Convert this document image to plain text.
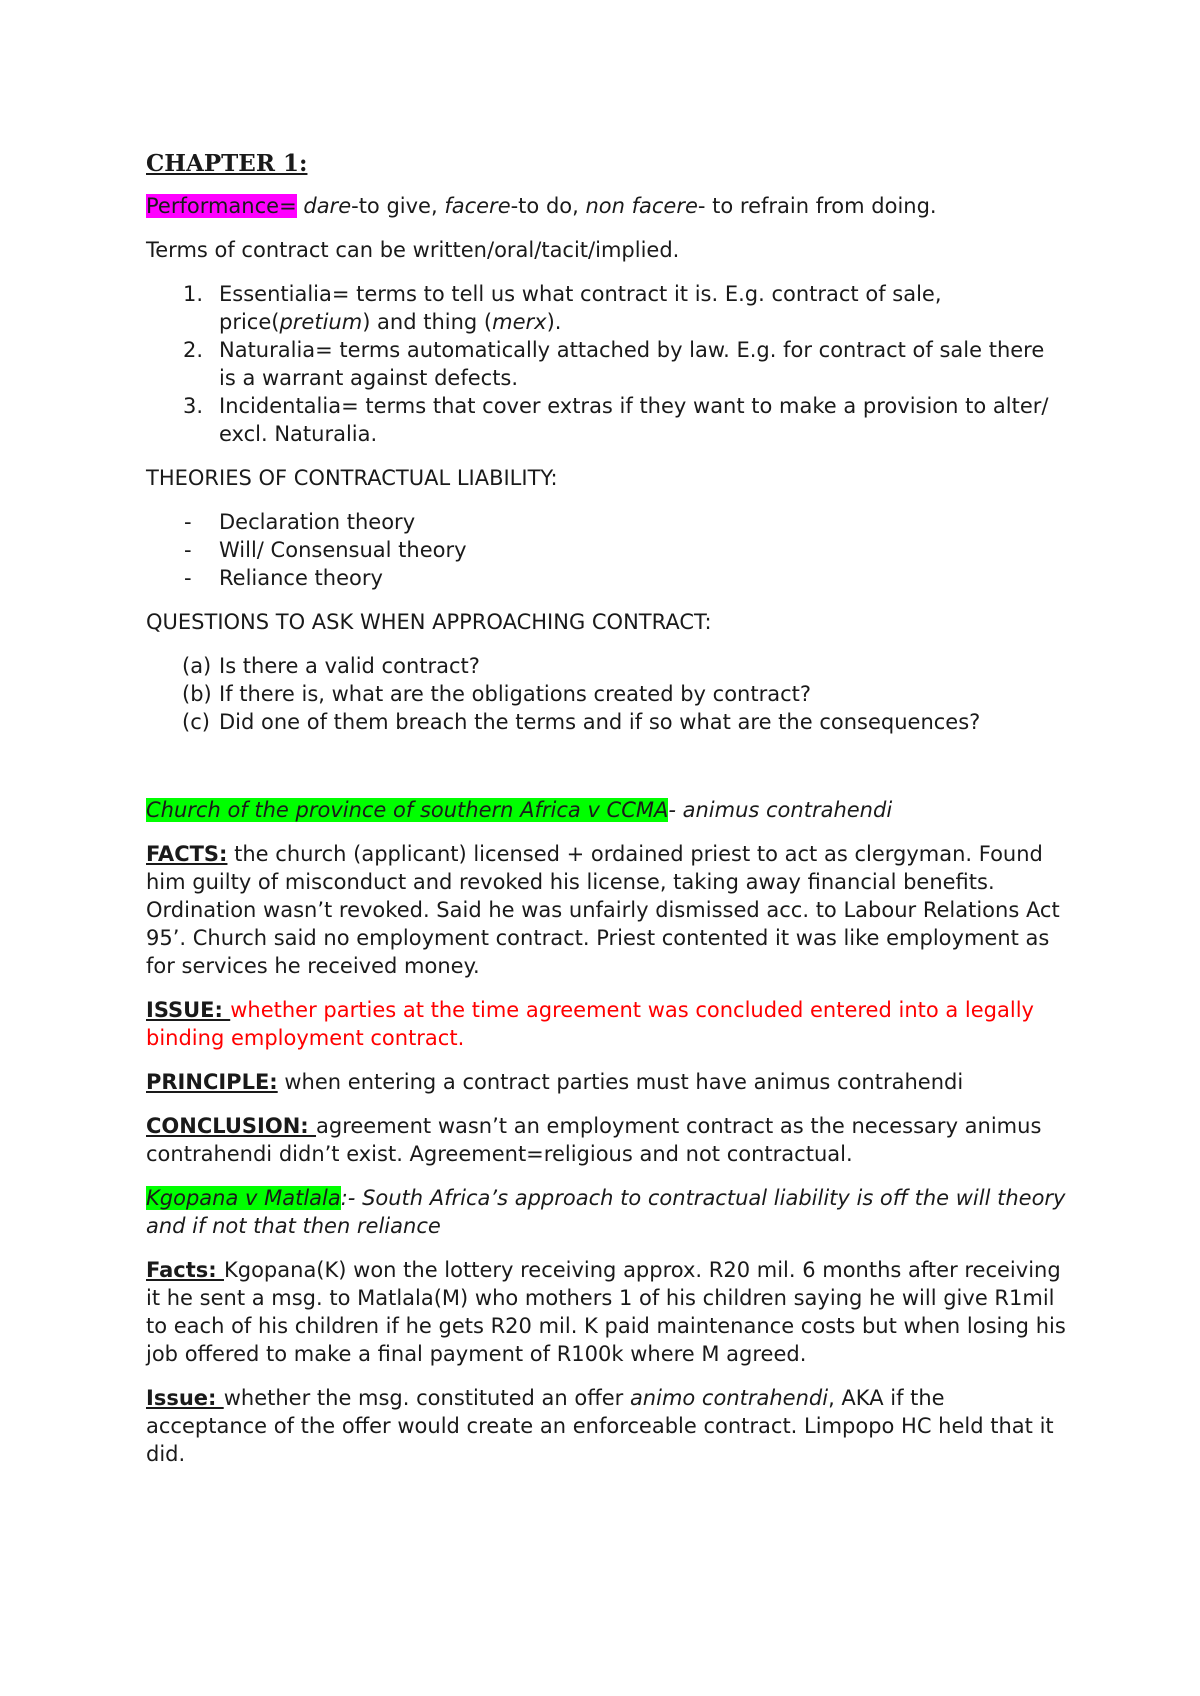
CHAPTER 1:

Performance= dare-to give, facere-to do, non facere- to refrain from doing.

Terms of contract can be written/oral/tacit/implied.

1. Essentialia= terms to tell us what contract it is. E.g. contract of sale, price(pretium) and thing (merx).
2. Naturalia= terms automatically attached by law. E.g. for contract of sale there is a warrant against defects.
3. Incidentalia= terms that cover extras if they want to make a provision to alter/ excl. Naturalia.

THEORIES OF CONTRACTUAL LIABILITY:

- Declaration theory
- Will/ Consensual theory
- Reliance theory

QUESTIONS TO ASK WHEN APPROACHING CONTRACT:

(a) Is there a valid contract?
(b) If there is, what are the obligations created by contract?
(c) Did one of them breach the terms and if so what are the consequences?

Church of the province of southern Africa v CCMA- animus contrahendi

FACTS: the church (applicant) licensed + ordained priest to act as clergyman. Found him guilty of misconduct and revoked his license, taking away financial benefits. Ordination wasn’t revoked. Said he was unfairly dismissed acc. to Labour Relations Act 95’. Church said no employment contract. Priest contented it was like employment as for services he received money.

ISSUE: whether parties at the time agreement was concluded entered into a legally binding employment contract.

PRINCIPLE: when entering a contract parties must have animus contrahendi

CONCLUSION: agreement wasn’t an employment contract as the necessary animus contrahendi didn’t exist. Agreement=religious and not contractual.

Kgopana v Matlala:- South Africa’s approach to contractual liability is off the will theory and if not that then reliance

Facts: Kgopana(K) won the lottery receiving approx. R20 mil. 6 months after receiving it he sent a msg. to Matlala(M) who mothers 1 of his children saying he will give R1mil to each of his children if he gets R20 mil. K paid maintenance costs but when losing his job offered to make a final payment of R100k where M agreed.

Issue: whether the msg. constituted an offer animo contrahendi, AKA if the acceptance of the offer would create an enforceable contract. Limpopo HC held that it did.
